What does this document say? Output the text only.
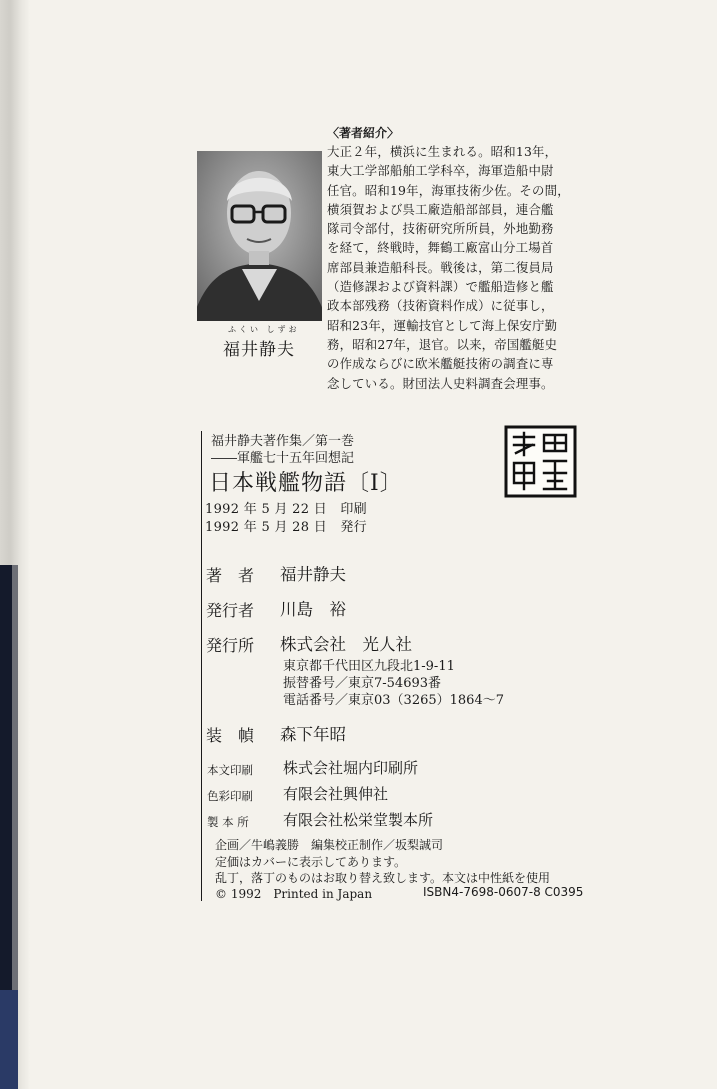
〈著者紹介〉
大正２年，横浜に生まれる。昭和13年，
東大工学部船舶工学科卒，海軍造船中尉
任官。昭和19年，海軍技術少佐。その間，
横須賀および呉工廠造船部部員，連合艦
隊司令部付，技術研究所所員，外地勤務
を経て，終戦時，舞鶴工廠富山分工場首
席部員兼造船科長。戦後は，第二復員局
（造修課および資料課）で艦船造修と艦
政本部残務（技術資料作成）に従事し，
昭和23年，運輸技官として海上保安庁勤
務，昭和27年，退官。以来，帝国艦艇史
の作成ならびに欧米艦艇技術の調査に専
念している。財団法人史料調査会理事。
ふくい しずお
福井静夫
福井静夫著作集／第一巻
――軍艦七十五年回想記
日本戦艦物語〔Ⅰ〕
1992 年 5 月 22 日　印刷
1992 年 5 月 28 日　発行
著　者 福井静夫
発行者 川島　裕
発行所 株式会社　光人社
東京都千代田区九段北1-9-11
振替番号／東京7-54693番
電話番号／東京03（3265）1864～7
装　幀 森下年昭
本文印刷 株式会社堀内印刷所
色彩印刷 有限会社興伸社
製 本 所 有限会社松栄堂製本所
企画／牛嶋義勝　編集校正制作／坂梨誠司
定価はカバーに表示してあります。
乱丁，落丁のものはお取り替え致します。本文は中性紙を使用
© 1992　Printed in Japan	ISBN4-7698-0607-8 C0395
